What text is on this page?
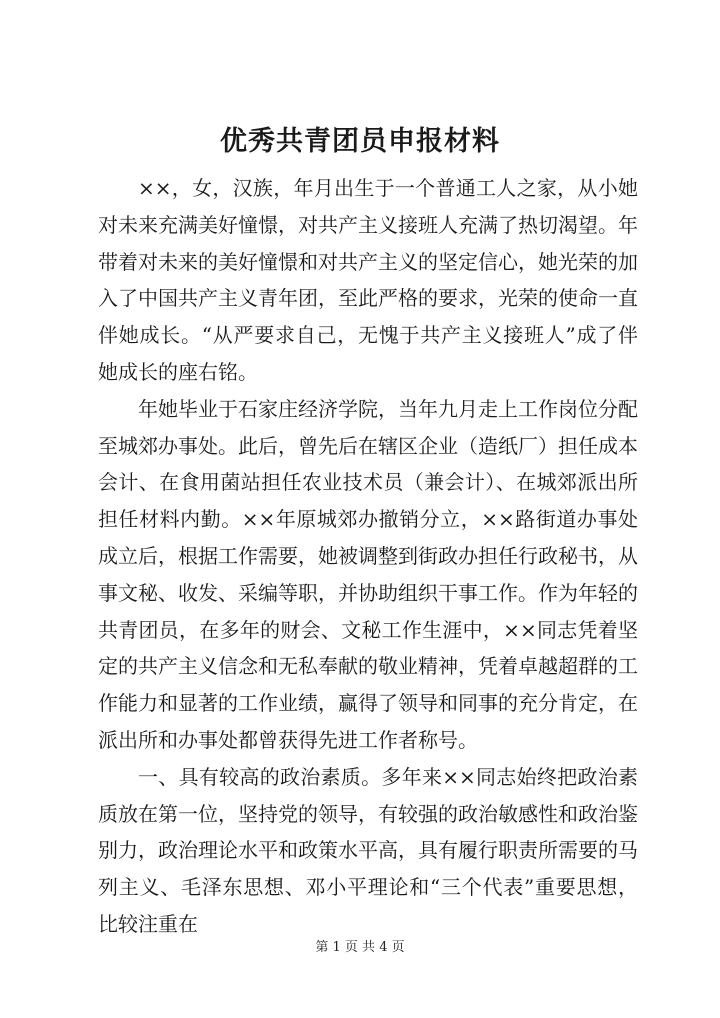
优秀共青团员申报材料

××，女，汉族，年月出生于一个普通工人之家，从小她对未来充满美好憧憬，对共产主义接班人充满了热切渴望。年带着对未来的美好憧憬和对共产主义的坚定信心，她光荣的加入了中国共产主义青年团，至此严格的要求，光荣的使命一直伴她成长。“从严要求自己，无愧于共产主义接班人”成了伴她成长的座右铭。

年她毕业于石家庄经济学院，当年九月走上工作岗位分配至城郊办事处。此后，曾先后在辖区企业（造纸厂）担任成本会计、在食用菌站担任农业技术员（兼会计）、在城郊派出所担任材料内勤。××年原城郊办撤销分立，××路街道办事处成立后，根据工作需要，她被调整到街政办担任行政秘书，从事文秘、收发、采编等职，并协助组织干事工作。作为年轻的共青团员，在多年的财会、文秘工作生涯中，××同志凭着坚定的共产主义信念和无私奉献的敬业精神，凭着卓越超群的工作能力和显著的工作业绩，赢得了领导和同事的充分肯定，在派出所和办事处都曾获得先进工作者称号。

一、具有较高的政治素质。多年来××同志始终把政治素质放在第一位，坚持党的领导，有较强的政治敏感性和政治鉴别力，政治理论水平和政策水平高，具有履行职责所需要的马列主义、毛泽东思想、邓小平理论和“三个代表”重要思想，比较注重在

第 1 页 共 4 页
